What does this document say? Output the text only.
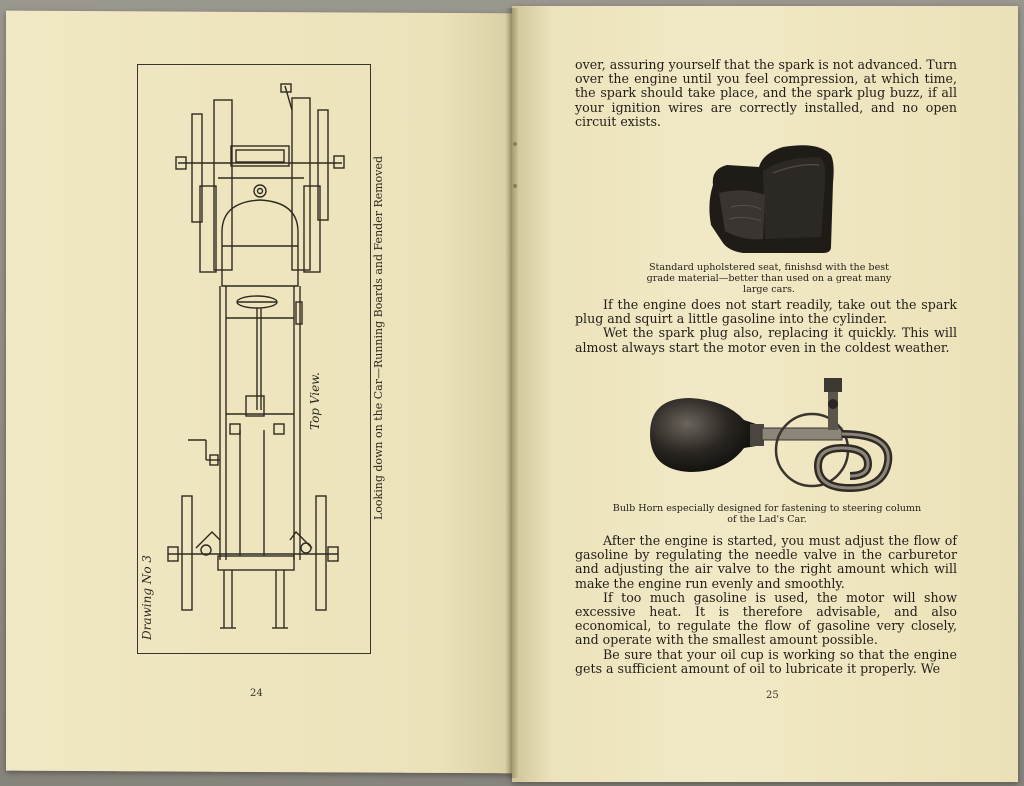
Looking down on the Car—Running Boards and Fender Removed
Drawing No 3
Top View.
24

over, assuring yourself that the spark is not advanced. Turn over the engine until you feel compression, at which time, the spark should take place, and the spark plug buzz, if all your ignition wires are correctly installed, and no open circuit exists.

Standard upholstered seat, finishsd with the best grade material—better than used on a great many large cars.

If the engine does not start readily, take out the spark plug and squirt a little gasoline into the cylinder.

Wet the spark plug also, replacing it quickly. This will almost always start the motor even in the coldest weather.

Bulb Horn especially designed for fastening to steering column of the Lad's Car.

After the engine is started, you must adjust the flow of gasoline by regulating the needle valve in the carburetor and adjusting the air valve to the right amount which will make the engine run evenly and smoothly.

If too much gasoline is used, the motor will show excessive heat. It is therefore advisable, and also economical, to regulate the flow of gasoline very closely, and operate with the smallest amount possible.

Be sure that your oil cup is working so that the engine gets a sufficient amount of oil to lubricate it properly. We

25
